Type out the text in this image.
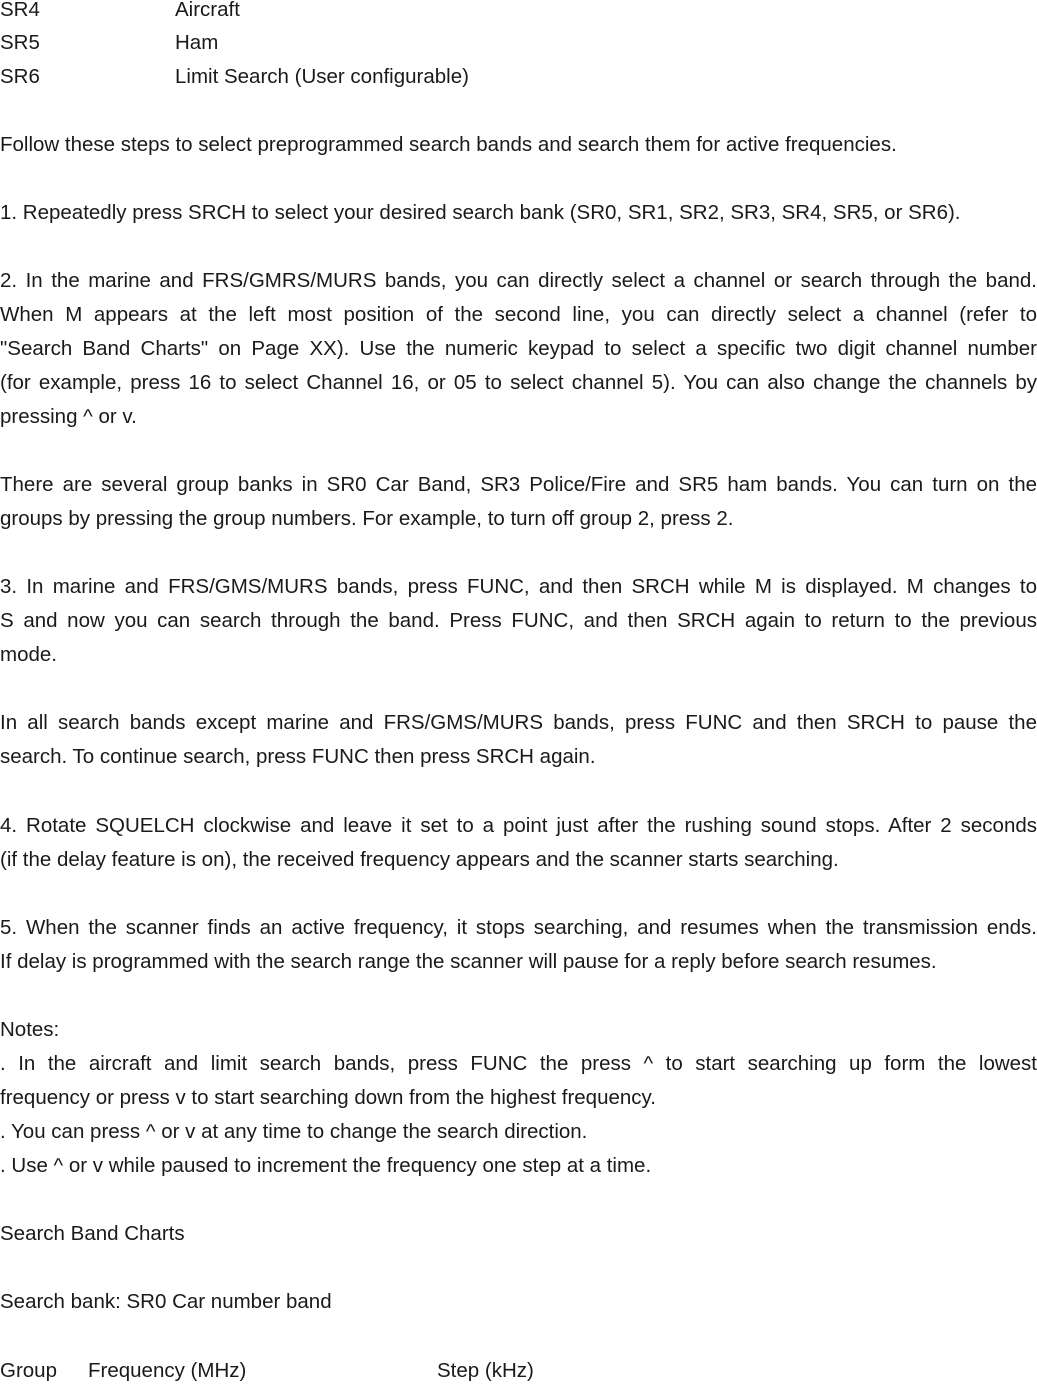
SR4	Aircraft
SR5	Ham
SR6	Limit Search (User configurable)
Follow these steps to select preprogrammed search bands and search them for active frequencies.
1. Repeatedly press SRCH to select your desired search bank (SR0, SR1, SR2, SR3, SR4, SR5, or SR6).
2. In the marine and FRS/GMRS/MURS bands, you can directly select a channel or search through the band.
When M appears at the left most position of the second line, you can directly select a channel (refer to
"Search Band Charts" on Page XX). Use the numeric keypad to select a specific two digit channel number
(for example, press 16 to select Channel 16, or 05 to select channel 5). You can also change the channels by
pressing ^ or v.
There are several group banks in SR0 Car Band, SR3 Police/Fire and SR5 ham bands. You can turn on the
groups by pressing the group numbers. For example, to turn off group 2, press 2.
3. In marine and FRS/GMS/MURS bands, press FUNC, and then SRCH while M is displayed. M changes to
S and now you can search through the band. Press FUNC, and then SRCH again to return to the previous
mode.
In all search bands except marine and FRS/GMS/MURS bands, press FUNC and then SRCH to pause the
search. To continue search, press FUNC then press SRCH again.
4. Rotate SQUELCH clockwise and leave it set to a point just after the rushing sound stops. After 2 seconds
(if the delay feature is on), the received frequency appears and the scanner starts searching.
5. When the scanner finds an active frequency, it stops searching, and resumes when the transmission ends.
If delay is programmed with the search range the scanner will pause for a reply before search resumes.
Notes:
. In the aircraft and limit search bands, press FUNC the press ^ to start searching up form the lowest
frequency or press v to start searching down from the highest frequency.
. You can press ^ or v at any time to change the search direction.
. Use ^ or v while paused to increment the frequency one step at a time.
Search Band Charts
Search bank: SR0 Car number band
Group Frequency (MHz)	Step (kHz)
